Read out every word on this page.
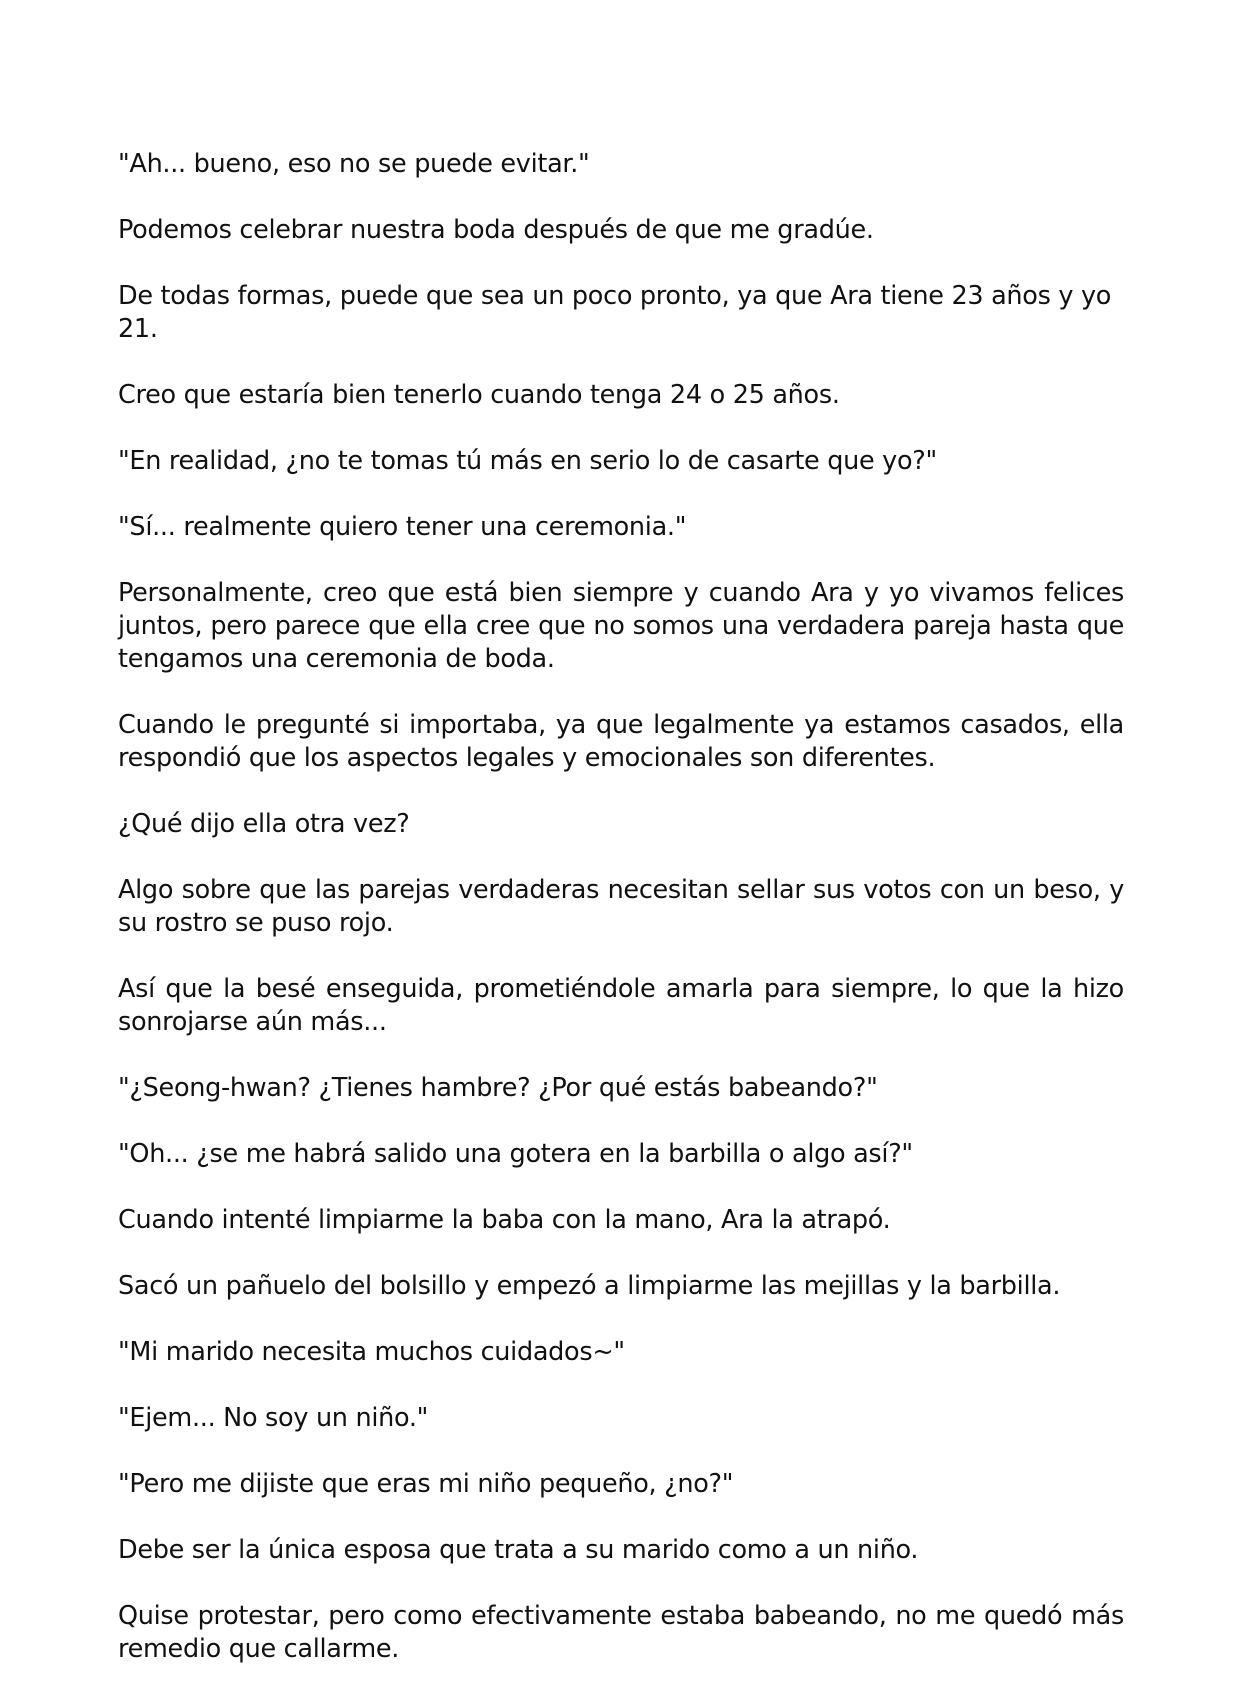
"Ah... bueno, eso no se puede evitar."

Podemos celebrar nuestra boda después de que me gradúe.

De todas formas, puede que sea un poco pronto, ya que Ara tiene 23 años y yo 21.

Creo que estaría bien tenerlo cuando tenga 24 o 25 años.

"En realidad, ¿no te tomas tú más en serio lo de casarte que yo?"

"Sí... realmente quiero tener una ceremonia."

Personalmente, creo que está bien siempre y cuando Ara y yo vivamos felices juntos, pero parece que ella cree que no somos una verdadera pareja hasta que tengamos una ceremonia de boda.

Cuando le pregunté si importaba, ya que legalmente ya estamos casados, ella respondió que los aspectos legales y emocionales son diferentes.

¿Qué dijo ella otra vez?

Algo sobre que las parejas verdaderas necesitan sellar sus votos con un beso, y su rostro se puso rojo.

Así que la besé enseguida, prometiéndole amarla para siempre, lo que la hizo sonrojarse aún más...

"¿Seong-hwan? ¿Tienes hambre? ¿Por qué estás babeando?"

"Oh... ¿se me habrá salido una gotera en la barbilla o algo así?"

Cuando intenté limpiarme la baba con la mano, Ara la atrapó.

Sacó un pañuelo del bolsillo y empezó a limpiarme las mejillas y la barbilla.

"Mi marido necesita muchos cuidados~"

"Ejem... No soy un niño."

"Pero me dijiste que eras mi niño pequeño, ¿no?"

Debe ser la única esposa que trata a su marido como a un niño.

Quise protestar, pero como efectivamente estaba babeando, no me quedó más remedio que callarme.
